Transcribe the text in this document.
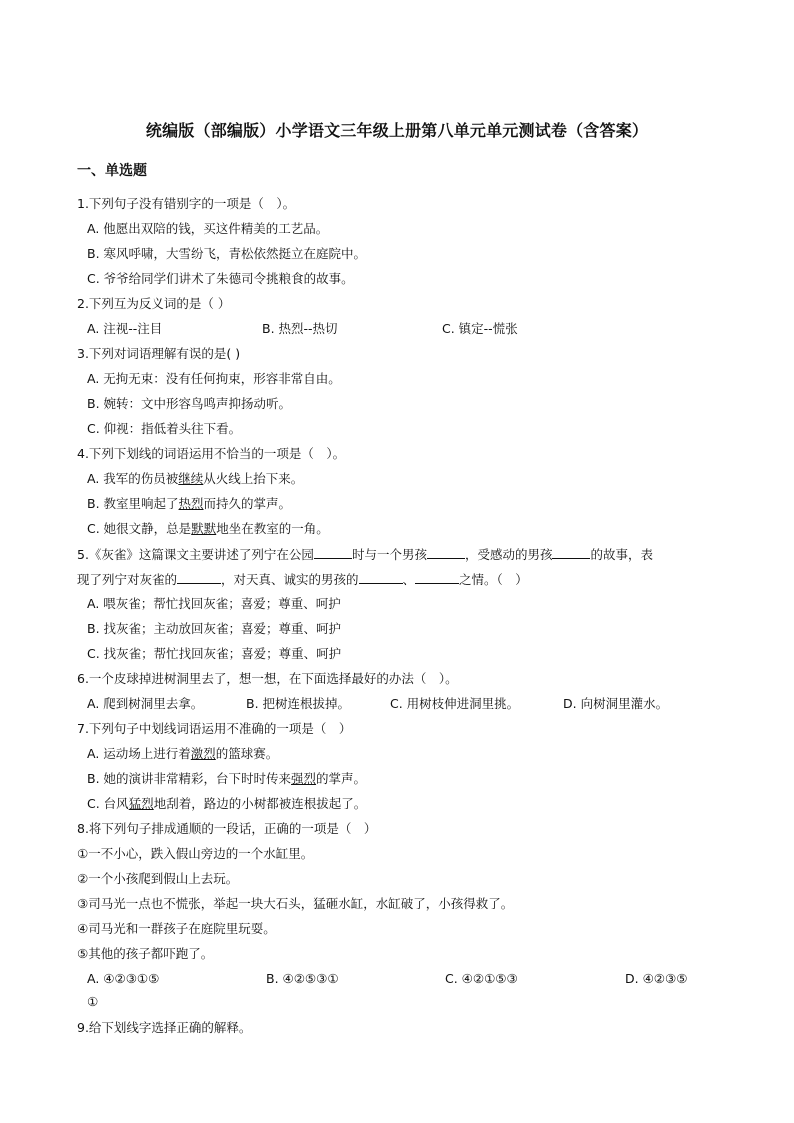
统编版（部编版）小学语文三年级上册第八单元单元测试卷（含答案）
一、单选题
1.下列句子没有错别字的一项是（　）。
A. 他愿出双陪的钱，买这件精美的工艺品。
B. 寒风呼啸，大雪纷飞，青松依然挺立在庭院中。
C. 爷爷给同学们讲术了朱德司令挑粮食的故事。
2.下列互为反义词的是（ ）
A. 注视--注目	B. 热烈--热切	C. 镇定--慌张
3.下列对词语理解有误的是( )
A. 无拘无束：没有任何拘束，形容非常自由。
B. 婉转：文中形容鸟鸣声抑扬动听。
C. 仰视：指低着头往下看。
4.下列下划线的词语运用不恰当的一项是（　）。
A. 我军的伤员被继续从火线上抬下来。
B. 教室里响起了热烈而持久的掌声。
C. 她很文静，总是默默地坐在教室的一角。
5.《灰雀》这篇课文主要讲述了列宁在公园	时与一个男孩	，受感动的男孩	的故事，表
现了列宁对灰雀的	，对天真、诚实的男孩的	、	之情。（　）
A. 喂灰雀；帮忙找回灰雀；喜爱；尊重、呵护
B. 找灰雀；主动放回灰雀；喜爱；尊重、呵护
C. 找灰雀；帮忙找回灰雀；喜爱；尊重、呵护
6.一个皮球掉进树洞里去了，想一想，在下面选择最好的办法（　）。
A. 爬到树洞里去拿。	B. 把树连根拔掉。	C. 用树枝伸进洞里挑。	D. 向树洞里灌水。
7.下列句子中划线词语运用不准确的一项是（　）
A. 运动场上进行着激烈的篮球赛。
B. 她的演讲非常精彩，台下时时传来强烈的掌声。
C. 台风猛烈地刮着，路边的小树都被连根拔起了。
8.将下列句子排成通顺的一段话，正确的一项是（　）
①一不小心，跌入假山旁边的一个水缸里。
②一个小孩爬到假山上去玩。
③司马光一点也不慌张，举起一块大石头，猛砸水缸，水缸破了，小孩得救了。
④司马光和一群孩子在庭院里玩耍。
⑤其他的孩子都吓跑了。
A. ④②③①⑤	B. ④②⑤③①	C. ④②①⑤③	D. ④②③⑤
①
9.给下划线字选择正确的解释。
